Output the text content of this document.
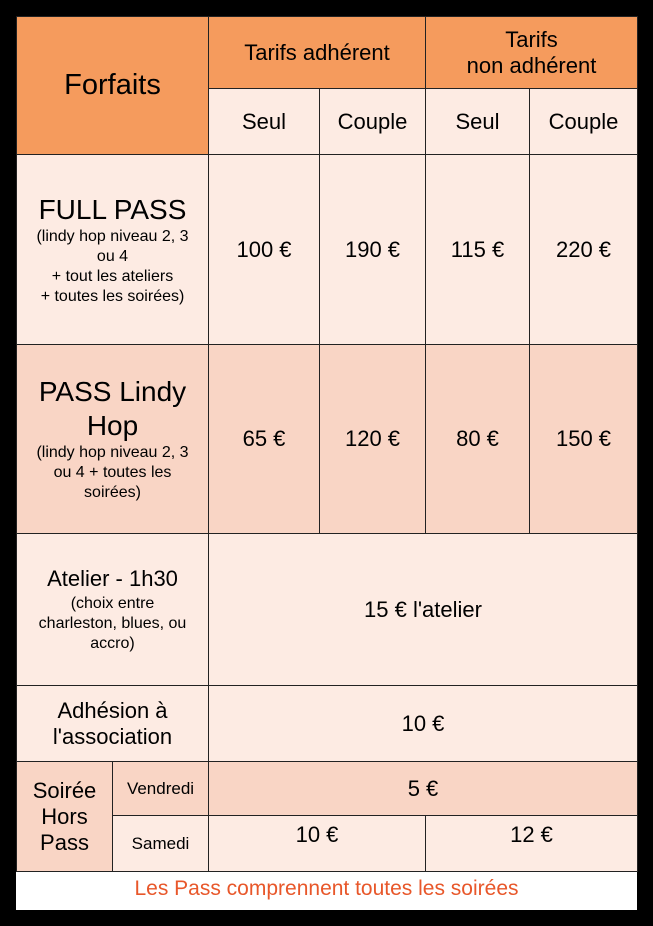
Forfaits		Tarifs adhérent		Tarifs
non adhérent	

		Seul	Couple	Seul	Couple

FULL PASS
(lindy hop niveau 2, 3
ou 4
+ tout les ateliers
+ toutes les soirées)		100 €	190 €	115 €	220 €

PASS Lindy
Hop
(lindy hop niveau 2, 3
ou 4 + toutes les
soirées)		65 €	120 €	80 €	150 €

Atelier - 1h30
(choix entre
charleston, blues, ou
accro)		15 € l'atelier			

Adhésion à
l'association		10 €			

Soirée
Hors
Pass	Vendredi	5 €			
	Samedi	10 €		12 €	
Les Pass comprennent toutes les soirées
